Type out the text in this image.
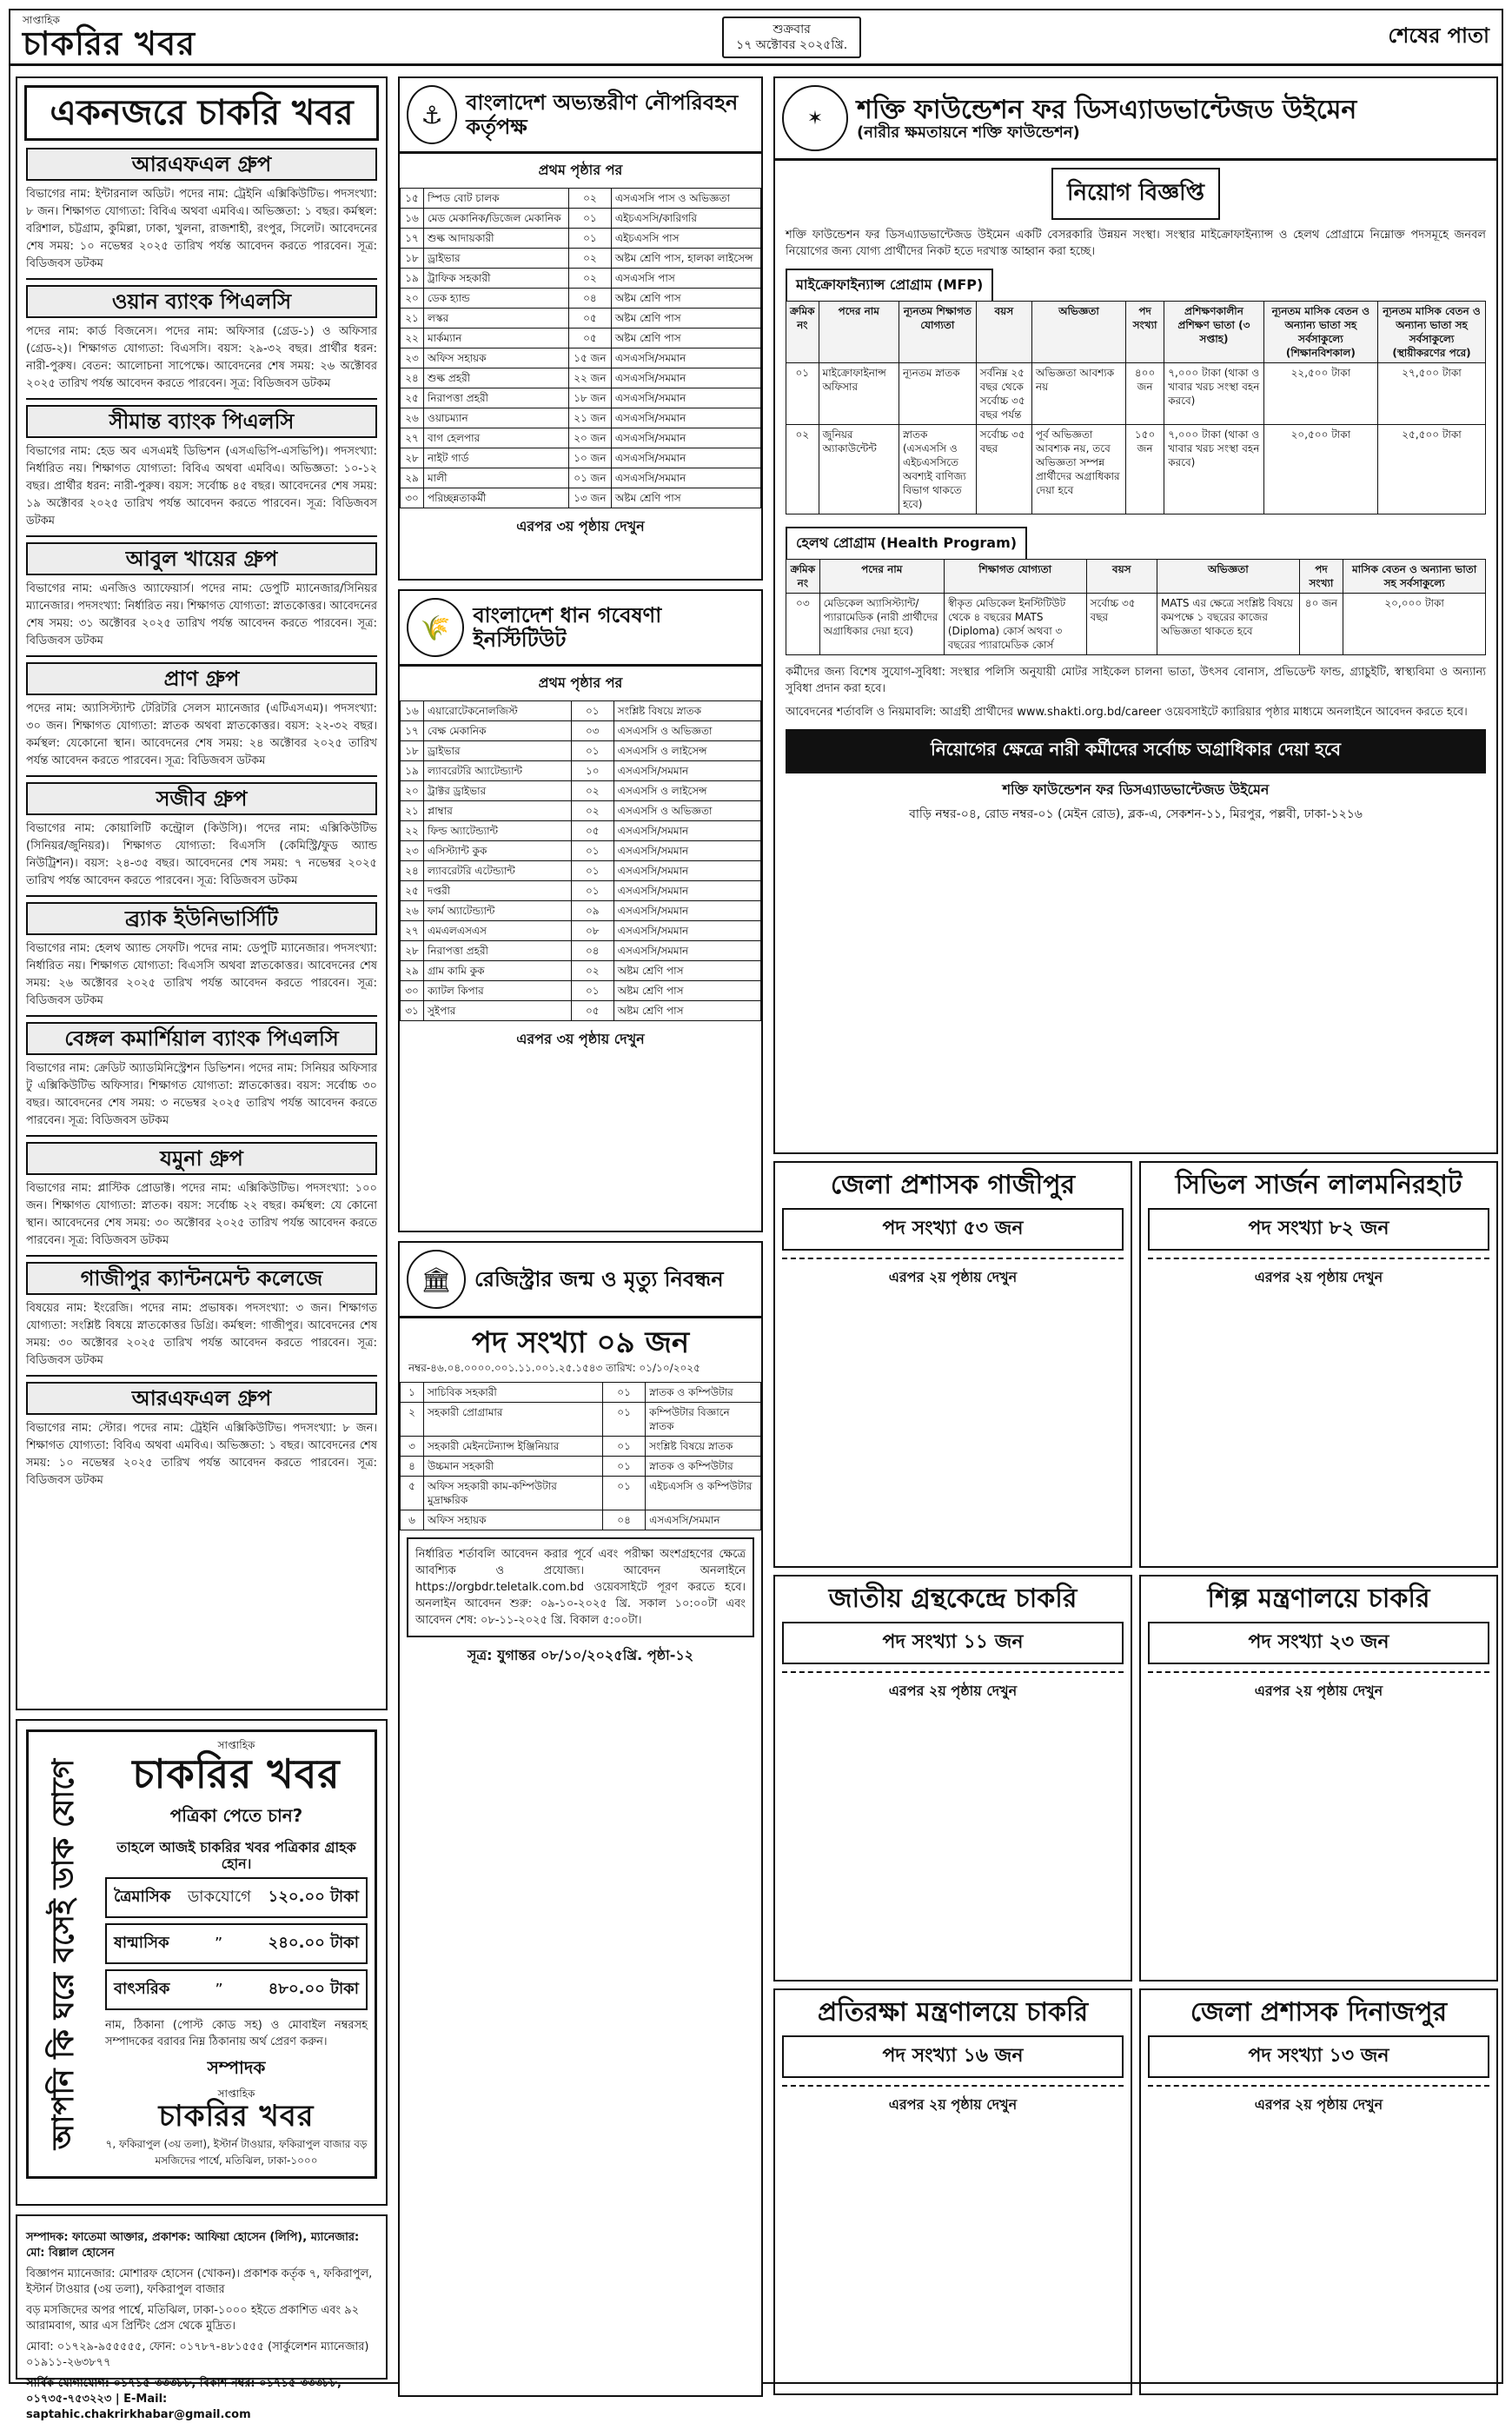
সাপ্তাহিক
চাকরির খবর	শুক্রবার
১৭ অক্টোবর ২০২৫খ্রি.	শেষের পাতা
একনজরে চাকরি খবর
আরএফএল গ্রুপ
বিভাগের নাম: ইন্টারনাল অডিট। পদের নাম: ট্রেইনি এক্সিকিউটিভ। পদসংখ্যা: ৮ জন। শিক্ষাগত যোগ্যতা: বিবিএ অথবা এমবিএ। অভিজ্ঞতা: ১ বছর। কর্মস্থল: বরিশাল, চট্টগ্রাম, কুমিল্লা, ঢাকা, খুলনা, রাজশাহী, রংপুর, সিলেট। আবেদনের শেষ সময়: ১০ নভেম্বর ২০২৫ তারিখ পর্যন্ত আবেদন করতে পারবেন। সূত্র: বিডিজবস ডটকম
ওয়ান ব্যাংক পিএলসি
পদের নাম: কার্ড বিজনেস। পদের নাম: অফিসার (গ্রেড-১) ও অফিসার (গ্রেড-২)। শিক্ষাগত যোগ্যতা: বিএসসি। বয়স: ২৯-৩২ বছর। প্রার্থীর ধরন: নারী-পুরুষ। বেতন: আলোচনা সাপেক্ষে। আবেদনের শেষ সময়: ২৬ অক্টোবর ২০২৫ তারিখ পর্যন্ত আবেদন করতে পারবেন। সূত্র: বিডিজবস ডটকম
সীমান্ত ব্যাংক পিএলসি
বিভাগের নাম: হেড অব এসএমই ডিভিশন (এসএভিপি-এসভিপি)। পদসংখ্যা: নির্ধারিত নয়। শিক্ষাগত যোগ্যতা: বিবিএ অথবা এমবিএ। অভিজ্ঞতা: ১০-১২ বছর। প্রার্থীর ধরন: নারী-পুরুষ। বয়স: সর্বোচ্চ ৪৫ বছর। আবেদনের শেষ সময়: ১৯ অক্টোবর ২০২৫ তারিখ পর্যন্ত আবেদন করতে পারবেন। সূত্র: বিডিজবস ডটকম
আবুল খায়ের গ্রুপ
বিভাগের নাম: এনজিও অ্যাফেয়ার্স। পদের নাম: ডেপুটি ম্যানেজার/সিনিয়র ম্যানেজার। পদসংখ্যা: নির্ধারিত নয়। শিক্ষাগত যোগ্যতা: স্নাতকোত্তর। আবেদনের শেষ সময়: ৩১ অক্টোবর ২০২৫ তারিখ পর্যন্ত আবেদন করতে পারবেন। সূত্র: বিডিজবস ডটকম
প্রাণ গ্রুপ
পদের নাম: অ্যাসিস্ট্যান্ট টেরিটরি সেলস ম্যানেজার (এটিএসএম)। পদসংখ্যা: ৩০ জন। শিক্ষাগত যোগ্যতা: স্নাতক অথবা স্নাতকোত্তর। বয়স: ২২-৩২ বছর। কর্মস্থল: যেকোনো স্থান। আবেদনের শেষ সময়: ২৪ অক্টোবর ২০২৫ তারিখ পর্যন্ত আবেদন করতে পারবেন। সূত্র: বিডিজবস ডটকম
সজীব গ্রুপ
বিভাগের নাম: কোয়ালিটি কন্ট্রোল (কিউসি)। পদের নাম: এক্সিকিউটিভ (সিনিয়র/জুনিয়র)। শিক্ষাগত যোগ্যতা: বিএসসি (কেমিস্ট্রি/ফুড অ্যান্ড নিউট্রিশন)। বয়স: ২৪-৩৫ বছর। আবেদনের শেষ সময়: ৭ নভেম্বর ২০২৫ তারিখ পর্যন্ত আবেদন করতে পারবেন। সূত্র: বিডিজবস ডটকম
ব্র্যাক ইউনিভার্সিটি
বিভাগের নাম: হেলথ অ্যান্ড সেফটি। পদের নাম: ডেপুটি ম্যানেজার। পদসংখ্যা: নির্ধারিত নয়। শিক্ষাগত যোগ্যতা: বিএসসি অথবা স্নাতকোত্তর। আবেদনের শেষ সময়: ২৬ অক্টোবর ২০২৫ তারিখ পর্যন্ত আবেদন করতে পারবেন। সূত্র: বিডিজবস ডটকম
বেঙ্গল কমার্শিয়াল ব্যাংক পিএলসি
বিভাগের নাম: ক্রেডিট অ্যাডমিনিস্ট্রেশন ডিভিশন। পদের নাম: সিনিয়র অফিসার টু এক্সিকিউটিভ অফিসার। শিক্ষাগত যোগ্যতা: স্নাতকোত্তর। বয়স: সর্বোচ্চ ৩০ বছর। আবেদনের শেষ সময়: ৩ নভেম্বর ২০২৫ তারিখ পর্যন্ত আবেদন করতে পারবেন। সূত্র: বিডিজবস ডটকম
যমুনা গ্রুপ
বিভাগের নাম: প্লাস্টিক প্রোডাক্ট। পদের নাম: এক্সিকিউটিভ। পদসংখ্যা: ১০০ জন। শিক্ষাগত যোগ্যতা: স্নাতক। বয়স: সর্বোচ্চ ২২ বছর। কর্মস্থল: যে কোনো স্থান। আবেদনের শেষ সময়: ৩০ অক্টোবর ২০২৫ তারিখ পর্যন্ত আবেদন করতে পারবেন। সূত্র: বিডিজবস ডটকম
গাজীপুর ক্যান্টনমেন্ট কলেজে
বিষয়ের নাম: ইংরেজি। পদের নাম: প্রভাষক। পদসংখ্যা: ৩ জন। শিক্ষাগত যোগ্যতা: সংশ্লিষ্ট বিষয়ে স্নাতকোত্তর ডিগ্রি। কর্মস্থল: গাজীপুর। আবেদনের শেষ সময়: ৩০ অক্টোবর ২০২৫ তারিখ পর্যন্ত আবেদন করতে পারবেন। সূত্র: বিডিজবস ডটকম
আরএফএল গ্রুপ
বিভাগের নাম: স্টোর। পদের নাম: ট্রেইনি এক্সিকিউটিভ। পদসংখ্যা: ৮ জন। শিক্ষাগত যোগ্যতা: বিবিএ অথবা এমবিএ। অভিজ্ঞতা: ১ বছর। আবেদনের শেষ সময়: ১০ নভেম্বর ২০২৫ তারিখ পর্যন্ত আবেদন করতে পারবেন। সূত্র: বিডিজবস ডটকম
আপনি কি ঘরে বসেই ডাক যোগে
সাপ্তাহিক
চাকরির খবর
পত্রিকা পেতে চান?
তাহলে আজই চাকরির খবর পত্রিকার গ্রাহক হোন।
ত্রৈমাসিক ডাকযোগে ১২০.০০ টাকা
ষান্মাসিক	”	২৪০.০০ টাকা
বাৎসরিক	”	৪৮০.০০ টাকা
নাম, ঠিকানা (পোস্ট কোড সহ) ও মোবাইল নম্বরসহ সম্পাদকের বরাবর নিম্ন ঠিকানায় অর্থ প্রেরণ করুন।
সম্পাদক
সাপ্তাহিক
চাকরির খবর
৭, ফকিরাপুল (৩য় তলা), ইস্টার্ন টাওয়ার, ফকিরাপুল বাজার বড় মসজিদের পার্শ্বে, মতিঝিল, ঢাকা-১০০০
সম্পাদক: ফাতেমা আক্তার, প্রকাশক: আফিয়া হোসেন (লিপি), ম্যানেজার: মো: বিল্লাল হোসেন
বিজ্ঞাপন ম্যানেজার: মোশারফ হোসেন (খোকন)। প্রকাশক কর্তৃক ৭, ফকিরাপুল, ইস্টার্ন টাওয়ার (৩য় তলা), ফকিরাপুল বাজার
বড় মসজিদের অপর পার্শ্বে, মতিঝিল, ঢাকা-১০০০ হইতে প্রকাশিত এবং ৯২ আরামবাগ, আর এস প্রিন্টিং প্রেস থেকে মুদ্রিত।
মোবা: ০১৭২৯-৯৫৫৫৫৫, ফোন: ০১৭৮৭-৪৮১৫৫৫ (সার্কুলেশন ম্যানেজার) ০১৯১১-২৬৩৮৭৭
সার্বিক যোগাযোগ: ০১৭১৫-৩৩৩৮৮, বিকাশ নম্বর: ০১৭১৫-৩৩৩৮৮, ০১৭৩৫-৭৫৩২২৩ | E-Mail: saptahic.chakrirkhabar@gmail.com
⚓	বাংলাদেশ অভ্যন্তরীণ নৌপরিবহন কর্তৃপক্ষ
প্রথম পৃষ্ঠার পর
১৫	স্পিড বোট চালক	০২	এসএসসি পাস ও অভিজ্ঞতা
১৬	মেড মেকানিক/ডিজেল মেকানিক	০১	এইচএসসি/কারিগরি
১৭	শুল্ক আদায়কারী	০১	এইচএসসি পাস
১৮	ড্রাইভার	০২	অষ্টম শ্রেণি পাস, হালকা লাইসেন্স
১৯	ট্রাফিক সহকারী	০২	এসএসসি পাস
২০	ডেক হ্যান্ড	০৪	অষ্টম শ্রেণি পাস
২১	লস্কর	০৫	অষ্টম শ্রেণি পাস
২২	মার্কম্যান	০৫	অষ্টম শ্রেণি পাস
২৩	অফিস সহায়ক	১৫ জন	এসএসসি/সমমান
২৪	শুল্ক প্রহরী	২২ জন	এসএসসি/সমমান
২৫	নিরাপত্তা প্রহরী	১৮ জন	এসএসসি/সমমান
২৬	ওয়াচম্যান	২১ জন	এসএসসি/সমমান
২৭	বাগ হেলপার	২০ জন	এসএসসি/সমমান
২৮	নাইট গার্ড	১০ জন	এসএসসি/সমমান
২৯	মালী	০১ জন	এসএসসি/সমমান
৩০	পরিচ্ছন্নতাকর্মী	১৩ জন	অষ্টম শ্রেণি পাস
এরপর ৩য় পৃষ্ঠায় দেখুন
🌾	বাংলাদেশ ধান গবেষণা ইনস্টিটিউট
প্রথম পৃষ্ঠার পর
১৬	এয়ারোটেকনোলজিস্ট	০১	সংশ্লিষ্ট বিষয়ে স্নাতক
১৭	বেক্ষ মেকানিক	০৩	এসএসসি ও অভিজ্ঞতা
১৮	ড্রাইভার	০১	এসএসসি ও লাইসেন্স
১৯	ল্যাবরেটরি অ্যাটেন্ড্যান্ট	১০	এসএসসি/সমমান
২০	ট্রাক্টর ড্রাইভার	০২	এসএসসি ও লাইসেন্স
২১	প্লাম্বার	০২	এসএসসি ও অভিজ্ঞতা
২২	ফিল্ড অ্যাটেন্ড্যান্ট	০৫	এসএসসি/সমমান
২৩	এসিস্ট্যান্ট কুক	০১	এসএসসি/সমমান
২৪	ল্যাবরেটরি এটেন্ড্যান্ট	০১	এসএসসি/সমমান
২৫	দপ্তরী	০১	এসএসসি/সমমান
২৬	ফার্ম অ্যাটেন্ড্যান্ট	০৯	এসএসসি/সমমান
২৭	এমএলএসএস	০৮	এসএসসি/সমমান
২৮	নিরাপত্তা প্রহরী	০৪	এসএসসি/সমমান
২৯	গ্রাম কামি কুক	০২	অষ্টম শ্রেণি পাস
৩০	ক্যাটল কিপার	০১	অষ্টম শ্রেণি পাস
৩১	সুইপার	০৫	অষ্টম শ্রেণি পাস
এরপর ৩য় পৃষ্ঠায় দেখুন
🏛	রেজিস্ট্রার জন্ম ও মৃত্যু নিবন্ধন
পদ সংখ্যা ০৯ জন
নম্বর-৪৬.০৪.০০০০.০০১.১১.০০১.২৫.১৫৪৩ তারিখ: ০১/১০/২০২৫
১	সাচিবিক সহকারী	০১	স্নাতক ও কম্পিউটার
২	সহকারী প্রোগ্রামার	০১	কম্পিউটার বিজ্ঞানে স্নাতক
৩	সহকারী মেইনটেন্যান্স ইঞ্জিনিয়ার	০১	সংশ্লিষ্ট বিষয়ে স্নাতক
৪	উচ্চমান সহকারী	০১	স্নাতক ও কম্পিউটার
৫	অফিস সহকারী কাম-কম্পিউটার মুদ্রাক্ষরিক	০১	এইচএসসি ও কম্পিউটার
৬	অফিস সহায়ক	০৪	এসএসসি/সমমান
নির্ধারিত শর্তাবলি আবেদন করার পূর্বে এবং পরীক্ষা অংশগ্রহণের ক্ষেত্রে আবশ্যিক ও প্রযোজ্য। আবেদন অনলাইনে https://orgbdr.teletalk.com.bd ওয়েবসাইটে পূরণ করতে হবে। অনলাইন আবেদন শুরু: ০৯-১০-২০২৫ খ্রি. সকাল ১০:০০টা এবং আবেদন শেষ: ০৮-১১-২০২৫ খ্রি. বিকাল ৫:০০টা।
সূত্র: যুগান্তর ০৮/১০/২০২৫খ্রি. পৃষ্ঠা-১২
✶	শক্তি ফাউন্ডেশন ফর ডিসএ্যাডভান্টেজড উইমেন
(নারীর ক্ষমতায়নে শক্তি ফাউন্ডেশন)
নিয়োগ বিজ্ঞপ্তি
শক্তি ফাউন্ডেশন ফর ডিসএ্যাডভান্টেজড উইমেন একটি বেসরকারি উন্নয়ন সংস্থা। সংস্থার মাইক্রোফাইন্যান্স ও হেলথ প্রোগ্রামে নিম্নোক্ত পদসমূহে জনবল নিয়োগের জন্য যোগ্য প্রার্থীদের নিকট হতে দরখাস্ত আহ্বান করা হচ্ছে।
মাইক্রোফাইন্যান্স প্রোগ্রাম (MFP)
ক্রমিক নং	পদের নাম	ন্যূনতম শিক্ষাগত যোগ্যতা	বয়স	অভিজ্ঞতা	পদ সংখ্যা	প্রশিক্ষণকালীন প্রশিক্ষণ ভাতা (৩ সপ্তাহ)	ন্যূনতম মাসিক বেতন ও অন্যান্য ভাতা সহ সর্বসাকুল্যে (শিক্ষানবিশকাল)	ন্যূনতম মাসিক বেতন ও অন্যান্য ভাতা সহ সর্বসাকুল্যে (স্থায়ীকরণের পরে)
০১	মাইক্রোফাইনান্স অফিসার	ন্যূনতম স্নাতক	সর্বনিম্ন ২৫ বছর থেকে সর্বোচ্চ ৩৫ বছর পর্যন্ত	অভিজ্ঞতা আবশ্যক নয়	৪০০ জন	৭,০০০ টাকা (থাকা ও খাবার খরচ সংস্থা বহন করবে)	২২,৫০০ টাকা	২৭,৫০০ টাকা
০২	জুনিয়র অ্যাকাউন্টেন্ট	স্নাতক (এসএসসি ও এইচএসসিতে অবশ্যই বাণিজ্য বিভাগ থাকতে হবে)	সর্বোচ্চ ৩৫ বছর	পূর্ব অভিজ্ঞতা আবশ্যক নয়, তবে অভিজ্ঞতা সম্পন্ন প্রার্থীদের অগ্রাধিকার দেয়া হবে	১৫০ জন	৭,০০০ টাকা (থাকা ও খাবার খরচ সংস্থা বহন করবে)	২০,৫০০ টাকা	২৫,৫০০ টাকা
হেলথ প্রোগ্রাম (Health Program)
ক্রমিক নং	পদের নাম	শিক্ষাগত যোগ্যতা	বয়স	অভিজ্ঞতা	পদ সংখ্যা	মাসিক বেতন ও অন্যান্য ভাতা সহ সর্বসাকুল্যে
০৩	মেডিকেল অ্যাসিস্ট্যান্ট/প্যারামেডিক (নারী প্রার্থীদের অগ্রাধিকার দেয়া হবে)	স্বীকৃত মেডিকেল ইনস্টিটিউট থেকে ৪ বছরের MATS (Diploma) কোর্স অথবা ৩ বছরের প্যারামেডিক কোর্স	সর্বোচ্চ ৩৫ বছর	MATS এর ক্ষেত্রে সংশ্লিষ্ট বিষয়ে কমপক্ষে ১ বছরের কাজের অভিজ্ঞতা থাকতে হবে	৪০ জন	২০,০০০ টাকা
কর্মীদের জন্য বিশেষ সুযোগ-সুবিধা: সংস্থার পলিসি অনুযায়ী মোটর সাইকেল চালনা ভাতা, উৎসব বোনাস, প্রভিডেন্ট ফান্ড, গ্র্যাচুইটি, স্বাস্থ্যবিমা ও অন্যান্য সুবিধা প্রদান করা হবে।
আবেদনের শর্তাবলি ও নিয়মাবলি: আগ্রহী প্রার্থীদের www.shakti.org.bd/career ওয়েবসাইটে ক্যারিয়ার পৃষ্ঠার মাধ্যমে অনলাইনে আবেদন করতে হবে।
নিয়োগের ক্ষেত্রে নারী কর্মীদের সর্বোচ্চ অগ্রাধিকার দেয়া হবে
শক্তি ফাউন্ডেশন ফর ডিসএ্যাডভান্টেজড উইমেন
বাড়ি নম্বর-০৪, রোড নম্বর-০১ (মেইন রোড), ব্লক-এ, সেকশন-১১, মিরপুর, পল্লবী, ঢাকা-১২১৬
জেলা প্রশাসক গাজীপুর
পদ সংখ্যা ৫৩ জন
এরপর ২য় পৃষ্ঠায় দেখুন
সিভিল সার্জন লালমনিরহাট
পদ সংখ্যা ৮২ জন
এরপর ২য় পৃষ্ঠায় দেখুন
জাতীয় গ্রন্থকেন্দ্রে চাকরি
পদ সংখ্যা ১১ জন
এরপর ২য় পৃষ্ঠায় দেখুন
শিল্প মন্ত্রণালয়ে চাকরি
পদ সংখ্যা ২৩ জন
এরপর ২য় পৃষ্ঠায় দেখুন
প্রতিরক্ষা মন্ত্রণালয়ে চাকরি
পদ সংখ্যা ১৬ জন
এরপর ২য় পৃষ্ঠায় দেখুন
জেলা প্রশাসক দিনাজপুর
পদ সংখ্যা ১৩ জন
এরপর ২য় পৃষ্ঠায় দেখুন
